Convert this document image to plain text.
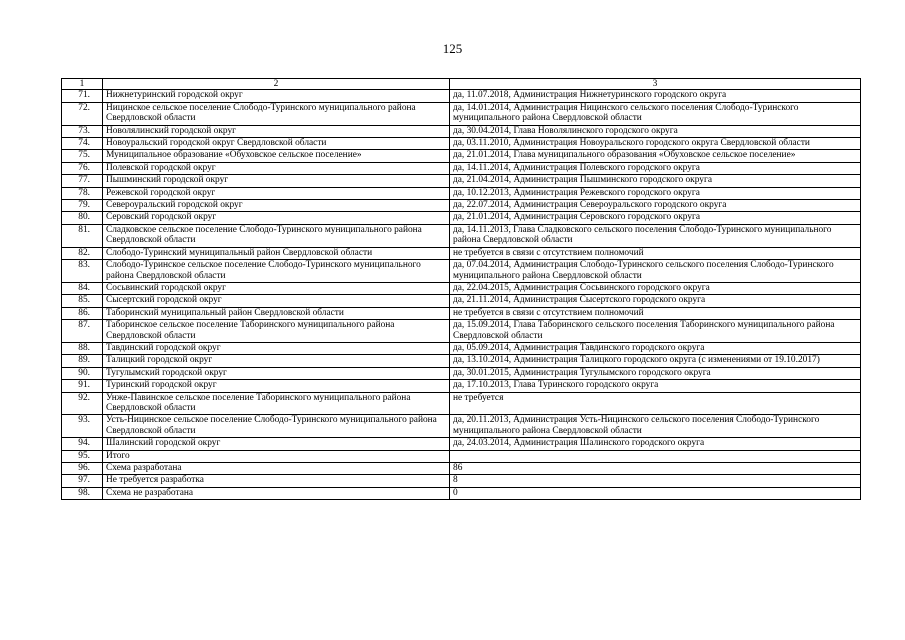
125
1	2	3
71.	Нижнетуринский городской округ	да, 11.07.2018, Администрация Нижнетуринского городского округа
72.	Ницинское сельское поселение Слободо-Туринского муниципального района Свердловской области	да, 14.01.2014, Администрация Ницинского сельского поселения Слободо-Туринского муниципального района Свердловской области
73.	Новолялинский городской округ	да, 30.04.2014, Глава Новолялинского городского округа
74.	Новоуральский городской округ Свердловской области	да, 03.11.2010, Администрация Новоуральского городского округа Свердловской области
75.	Муниципальное образование «Обуховское сельское поселение»	да, 21.01.2014, Глава муниципального образования «Обуховское сельское поселение»
76.	Полевской городской округ	да, 14.11.2014, Администрация Полевского городского округа
77.	Пышминский городской округ	да, 21.04.2014, Администрация Пышминского городского округа
78.	Режевской городской округ	да, 10.12.2013, Администрация Режевского городского округа
79.	Североуральский городской округ	да, 22.07.2014, Администрация Североуральского городского округа
80.	Серовский городской округ	да, 21.01.2014, Администрация Серовского городского округа
81.	Сладковское сельское поселение Слободо-Туринского муниципального района Свердловской области	да, 14.11.2013, Глава Сладковского сельского поселения Слободо-Туринского муниципального района Свердловской области
82.	Слободо-Туринский муниципальный район Свердловской области	не требуется в связи с отсутствием полномочий
83.	Слободо-Туринское сельское поселение Слободо-Туринского муниципального района Свердловской области	да, 07.04.2014, Администрация Слободо-Туринского сельского поселения Слободо-Туринского муниципального района Свердловской области
84.	Сосьвинский городской округ	да, 22.04.2015, Администрация Сосьвинского городского округа
85.	Сысертский городской округ	да, 21.11.2014, Администрация Сысертского городского округа
86.	Таборинский муниципальный район Свердловской области	не требуется в связи с отсутствием полномочий
87.	Таборинское сельское поселение Таборинского муниципального района Свердловской области	да, 15.09.2014, Глава Таборинского сельского поселения Таборинского муниципального района Свердловской области
88.	Тавдинский городской округ	да, 05.09.2014, Администрация Тавдинского городского округа
89.	Талицкий городской округ	да, 13.10.2014, Администрация Талицкого городского округа (с изменениями от 19.10.2017)
90.	Тугулымский городской округ	да, 30.01.2015, Администрация Тугулымского городского округа
91.	Туринский городской округ	да, 17.10.2013, Глава Туринского городского округа
92.	Унже-Павинское сельское поселение Таборинского муниципального района Свердловской области	не требуется
93.	Усть-Ницинское сельское поселение Слободо-Туринского муниципального района Свердловской области	да, 20.11.2013, Администрация Усть-Ницинского сельского поселения Слободо-Туринского муниципального района Свердловской области
94.	Шалинский городской округ	да, 24.03.2014, Администрация Шалинского городского округа
95.	Итого	
96.	Схема разработана	86
97.	Не требуется разработка	8
98.	Схема не разработана	0
